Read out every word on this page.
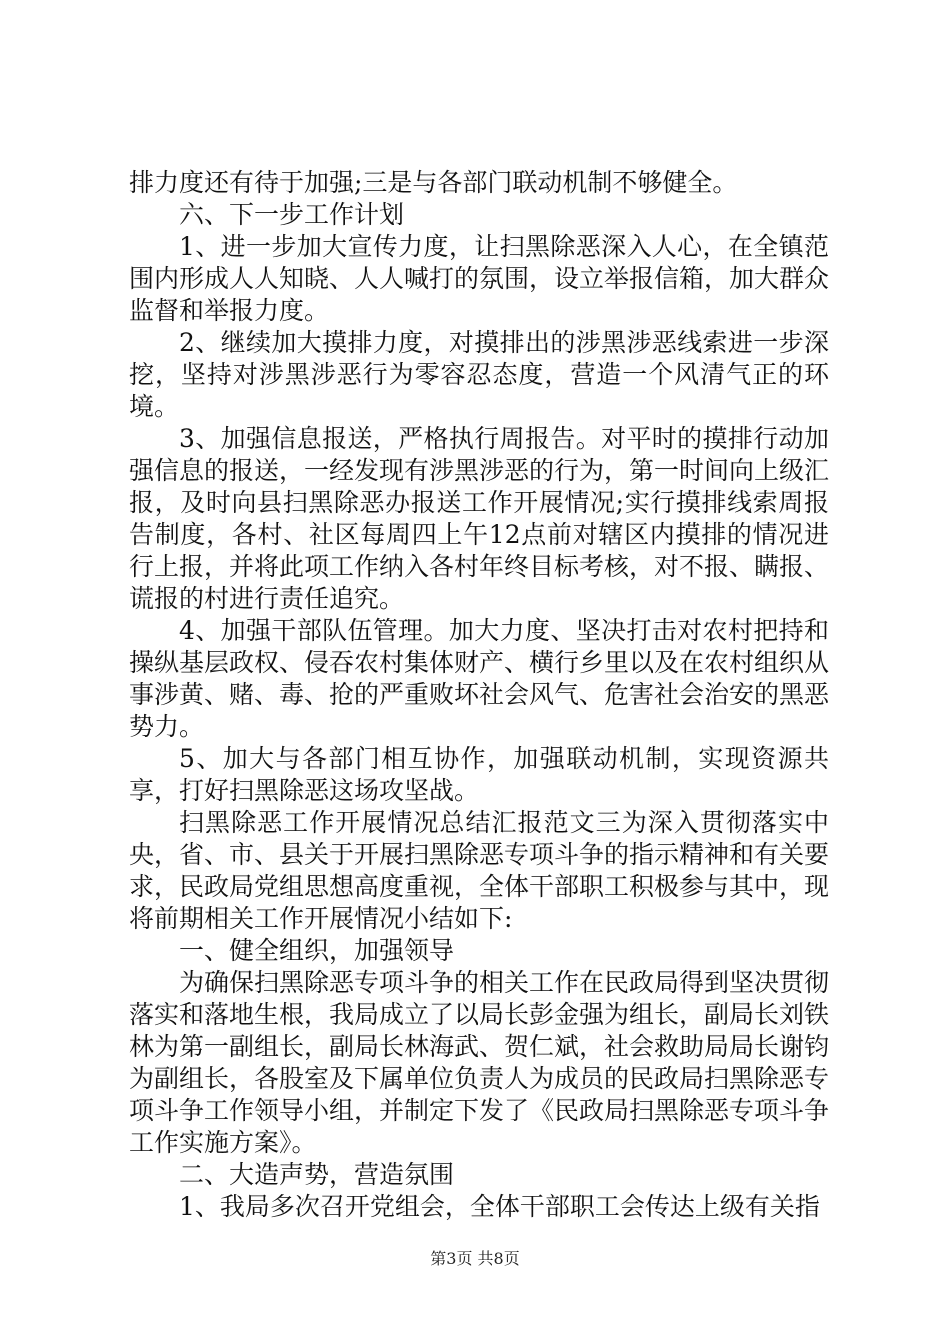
排力度还有待于加强;三是与各部门联动机制不够健全。

六、下一步工作计划

1、进一步加大宣传力度，让扫黑除恶深入人心，在全镇范围内形成人人知晓、人人喊打的氛围，设立举报信箱，加大群众监督和举报力度。

2、继续加大摸排力度，对摸排出的涉黑涉恶线索进一步深挖，坚持对涉黑涉恶行为零容忍态度，营造一个风清气正的环境。

3、加强信息报送，严格执行周报告。对平时的摸排行动加强信息的报送，一经发现有涉黑涉恶的行为，第一时间向上级汇报，及时向县扫黑除恶办报送工作开展情况;实行摸排线索周报告制度，各村、社区每周四上午12点前对辖区内摸排的情况进行上报，并将此项工作纳入各村年终目标考核，对不报、瞒报、谎报的村进行责任追究。

4、加强干部队伍管理。加大力度、坚决打击对农村把持和操纵基层政权、侵吞农村集体财产、横行乡里以及在农村组织从事涉黄、赌、毒、抢的严重败坏社会风气、危害社会治安的黑恶势力。

5、加大与各部门相互协作，加强联动机制，实现资源共享，打好扫黑除恶这场攻坚战。

扫黑除恶工作开展情况总结汇报范文三为深入贯彻落实中央，省、市、县关于开展扫黑除恶专项斗争的指示精神和有关要求，民政局党组思想高度重视，全体干部职工积极参与其中，现将前期相关工作开展情况小结如下:

一、健全组织，加强领导

为确保扫黑除恶专项斗争的相关工作在民政局得到坚决贯彻落实和落地生根，我局成立了以局长彭金强为组长，副局长刘铁林为第一副组长，副局长林海武、贺仁斌，社会救助局局长谢钧为副组长，各股室及下属单位负责人为成员的民政局扫黑除恶专项斗争工作领导小组，并制定下发了《民政局扫黑除恶专项斗争工作实施方案》。

二、大造声势，营造氛围

1、我局多次召开党组会，全体干部职工会传达上级有关指

第3页 共8页
